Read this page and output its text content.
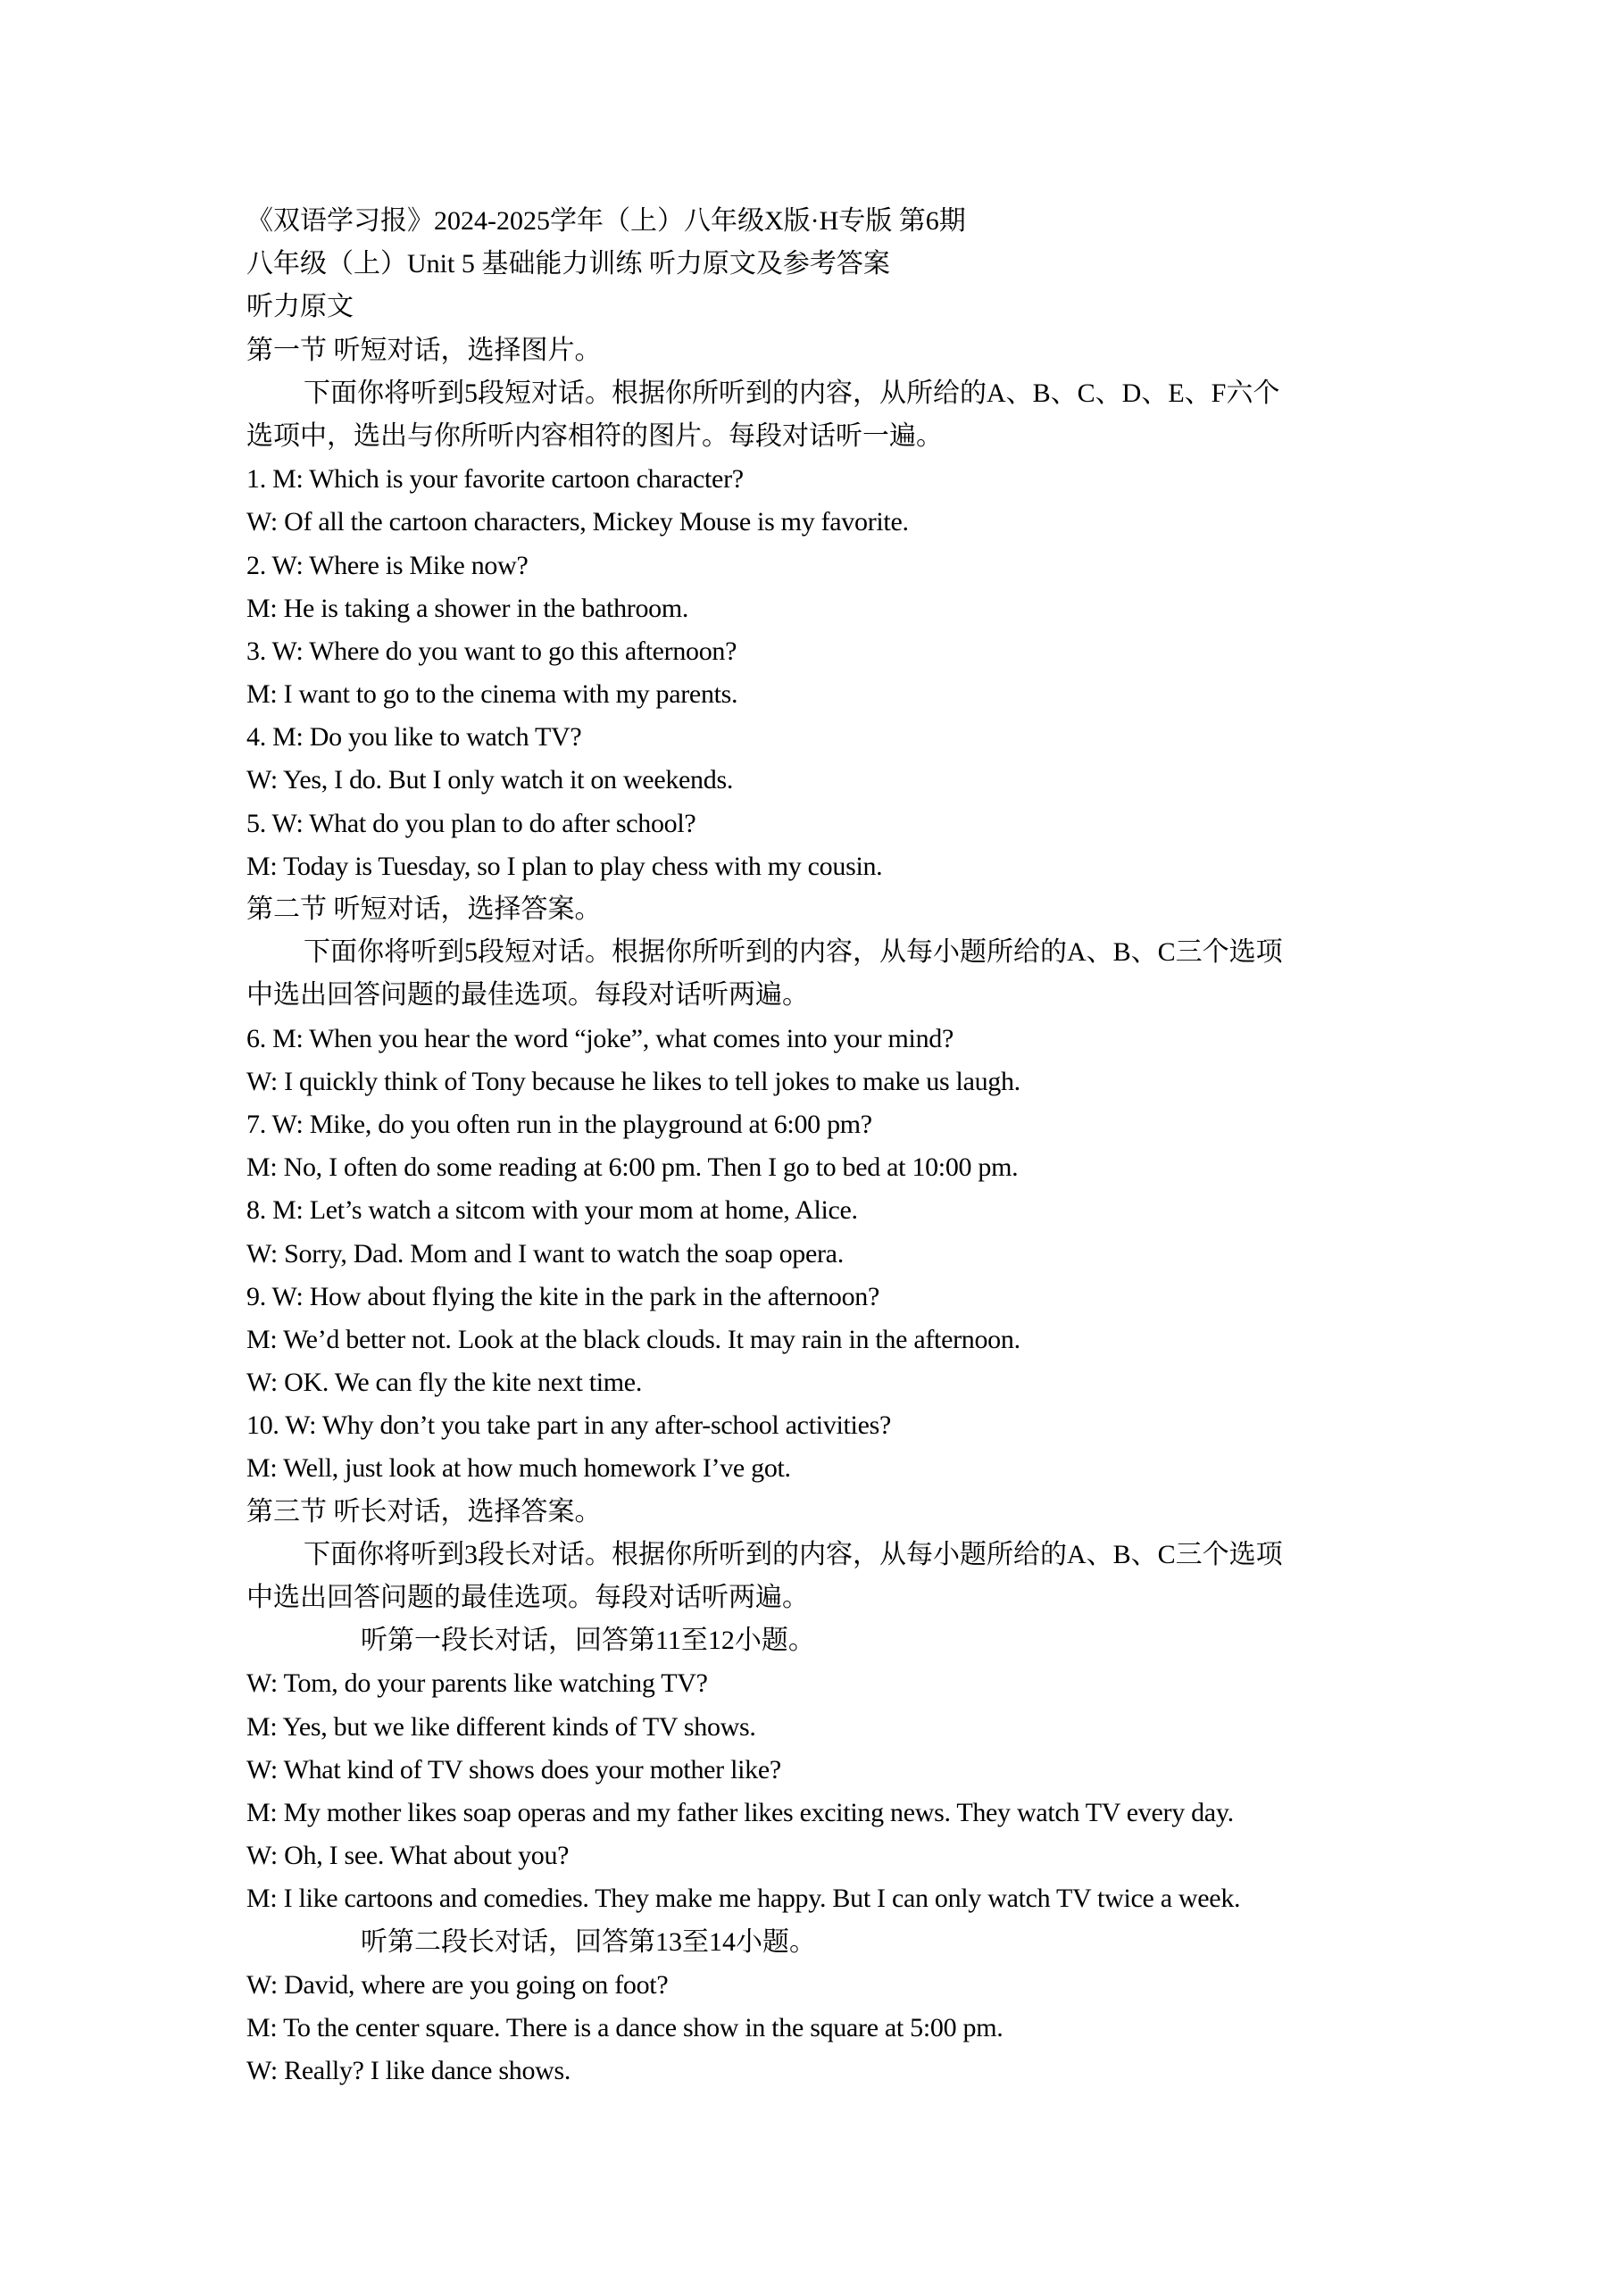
《双语学习报》2024-2025学年（上）八年级X版·H专版 第6期
八年级（上）Unit 5 基础能力训练 听力原文及参考答案
听力原文
第一节 听短对话，选择图片。
下面你将听到5段短对话。根据你所听到的内容，从所给的A、B、C、D、E、F六个
选项中，选出与你所听内容相符的图片。每段对话听一遍。
1. M: Which is your favorite cartoon character?
W: Of all the cartoon characters, Mickey Mouse is my favorite.
2. W: Where is Mike now?
M: He is taking a shower in the bathroom.
3. W: Where do you want to go this afternoon?
M: I want to go to the cinema with my parents.
4. M: Do you like to watch TV?
W: Yes, I do. But I only watch it on weekends.
5. W: What do you plan to do after school?
M: Today is Tuesday, so I plan to play chess with my cousin.
第二节 听短对话，选择答案。
下面你将听到5段短对话。根据你所听到的内容，从每小题所给的A、B、C三个选项
中选出回答问题的最佳选项。每段对话听两遍。
6. M: When you hear the word “joke”, what comes into your mind?
W: I quickly think of Tony because he likes to tell jokes to make us laugh.
7. W: Mike, do you often run in the playground at 6:00 pm?
M: No, I often do some reading at 6:00 pm. Then I go to bed at 10:00 pm.
8. M: Let’s watch a sitcom with your mom at home, Alice.
W: Sorry, Dad. Mom and I want to watch the soap opera.
9. W: How about flying the kite in the park in the afternoon?
M: We’d better not. Look at the black clouds. It may rain in the afternoon.
W: OK. We can fly the kite next time.
10. W: Why don’t you take part in any after-school activities?
M: Well, just look at how much homework I’ve got.
第三节 听长对话，选择答案。
下面你将听到3段长对话。根据你所听到的内容，从每小题所给的A、B、C三个选项
中选出回答问题的最佳选项。每段对话听两遍。
听第一段长对话，回答第11至12小题。
W: Tom, do your parents like watching TV?
M: Yes, but we like different kinds of TV shows.
W: What kind of TV shows does your mother like?
M: My mother likes soap operas and my father likes exciting news. They watch TV every day.
W: Oh, I see. What about you?
M: I like cartoons and comedies. They make me happy. But I can only watch TV twice a week.
听第二段长对话，回答第13至14小题。
W: David, where are you going on foot?
M: To the center square. There is a dance show in the square at 5:00 pm.
W: Really? I like dance shows.
